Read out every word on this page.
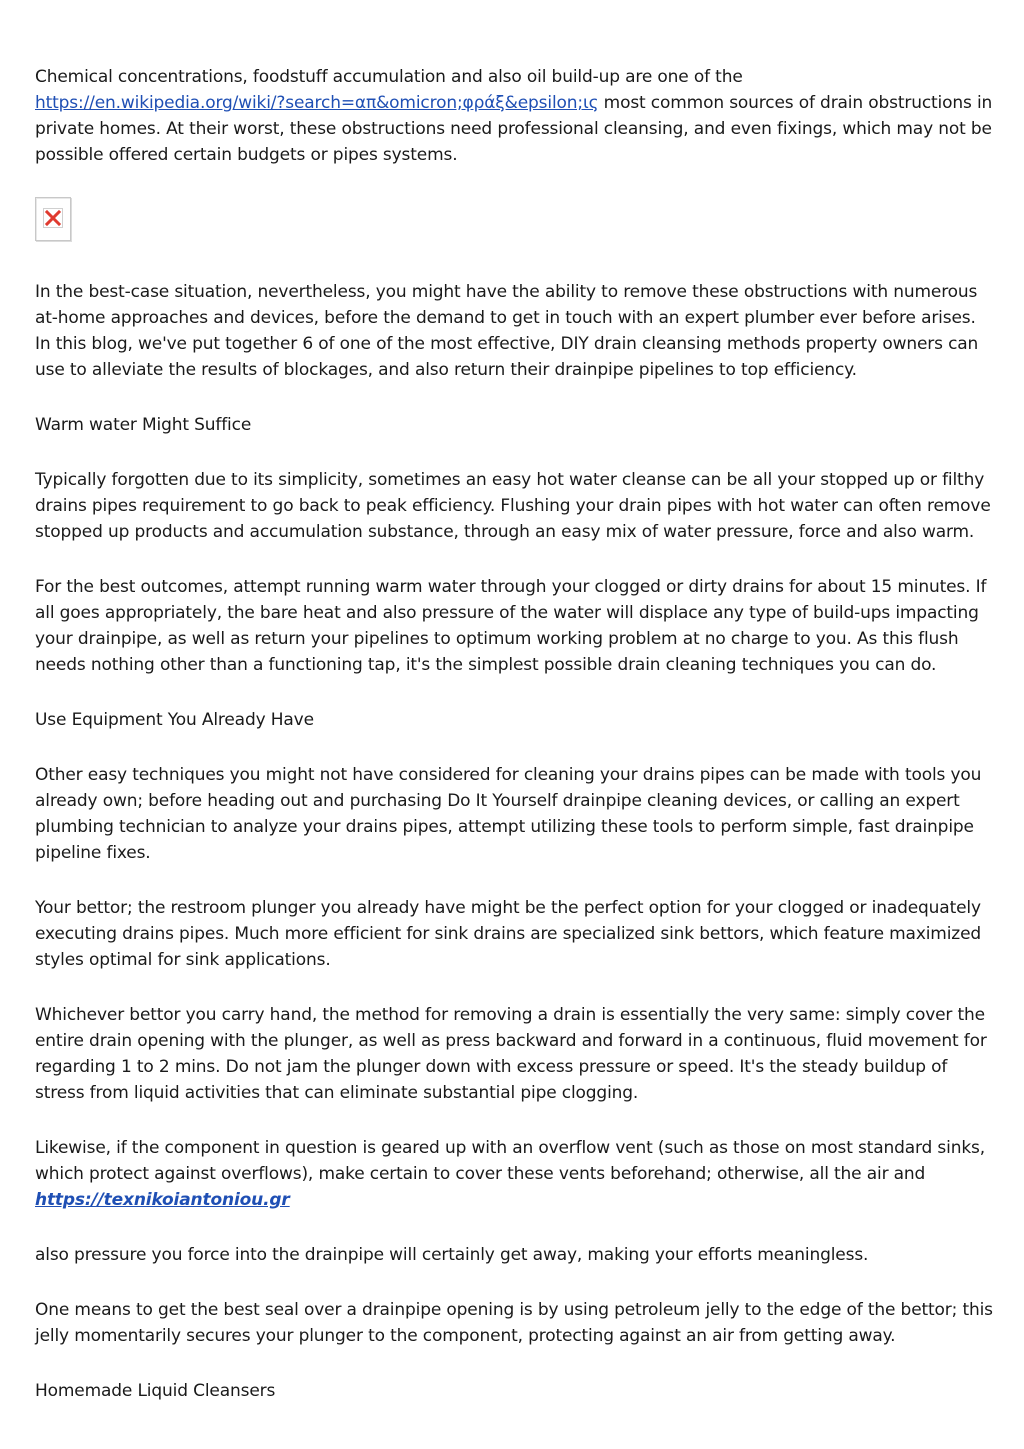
Chemical concentrations, foodstuff accumulation and also oil build-up are one of the https://en.wikipedia.org/wiki/?search=απ&omicron;φράξ&epsilon;ις most common sources of drain obstructions in private homes. At their worst, these obstructions need professional cleansing, and even fixings, which may not be possible offered certain budgets or pipes systems.

In the best-case situation, nevertheless, you might have the ability to remove these obstructions with numerous at-home approaches and devices, before the demand to get in touch with an expert plumber ever before arises. In this blog, we've put together 6 of one of the most effective, DIY drain cleansing methods property owners can use to alleviate the results of blockages, and also return their drainpipe pipelines to top efficiency.

Warm water Might Suffice

Typically forgotten due to its simplicity, sometimes an easy hot water cleanse can be all your stopped up or filthy drains pipes requirement to go back to peak efficiency. Flushing your drain pipes with hot water can often remove stopped up products and accumulation substance, through an easy mix of water pressure, force and also warm.

For the best outcomes, attempt running warm water through your clogged or dirty drains for about 15 minutes. If all goes appropriately, the bare heat and also pressure of the water will displace any type of build-ups impacting your drainpipe, as well as return your pipelines to optimum working problem at no charge to you. As this flush needs nothing other than a functioning tap, it's the simplest possible drain cleaning techniques you can do.

Use Equipment You Already Have

Other easy techniques you might not have considered for cleaning your drains pipes can be made with tools you already own; before heading out and purchasing Do It Yourself drainpipe cleaning devices, or calling an expert plumbing technician to analyze your drains pipes, attempt utilizing these tools to perform simple, fast drainpipe pipeline fixes.

Your bettor; the restroom plunger you already have might be the perfect option for your clogged or inadequately executing drains pipes. Much more efficient for sink drains are specialized sink bettors, which feature maximized styles optimal for sink applications.

Whichever bettor you carry hand, the method for removing a drain is essentially the very same: simply cover the entire drain opening with the plunger, as well as press backward and forward in a continuous, fluid movement for regarding 1 to 2 mins. Do not jam the plunger down with excess pressure or speed. It's the steady buildup of stress from liquid activities that can eliminate substantial pipe clogging.

Likewise, if the component in question is geared up with an overflow vent (such as those on most standard sinks, which protect against overflows), make certain to cover these vents beforehand; otherwise, all the air and
https://texnikoiantoniou.gr

also pressure you force into the drainpipe will certainly get away, making your efforts meaningless.

One means to get the best seal over a drainpipe opening is by using petroleum jelly to the edge of the bettor; this jelly momentarily secures your plunger to the component, protecting against an air from getting away.

Homemade Liquid Cleansers
